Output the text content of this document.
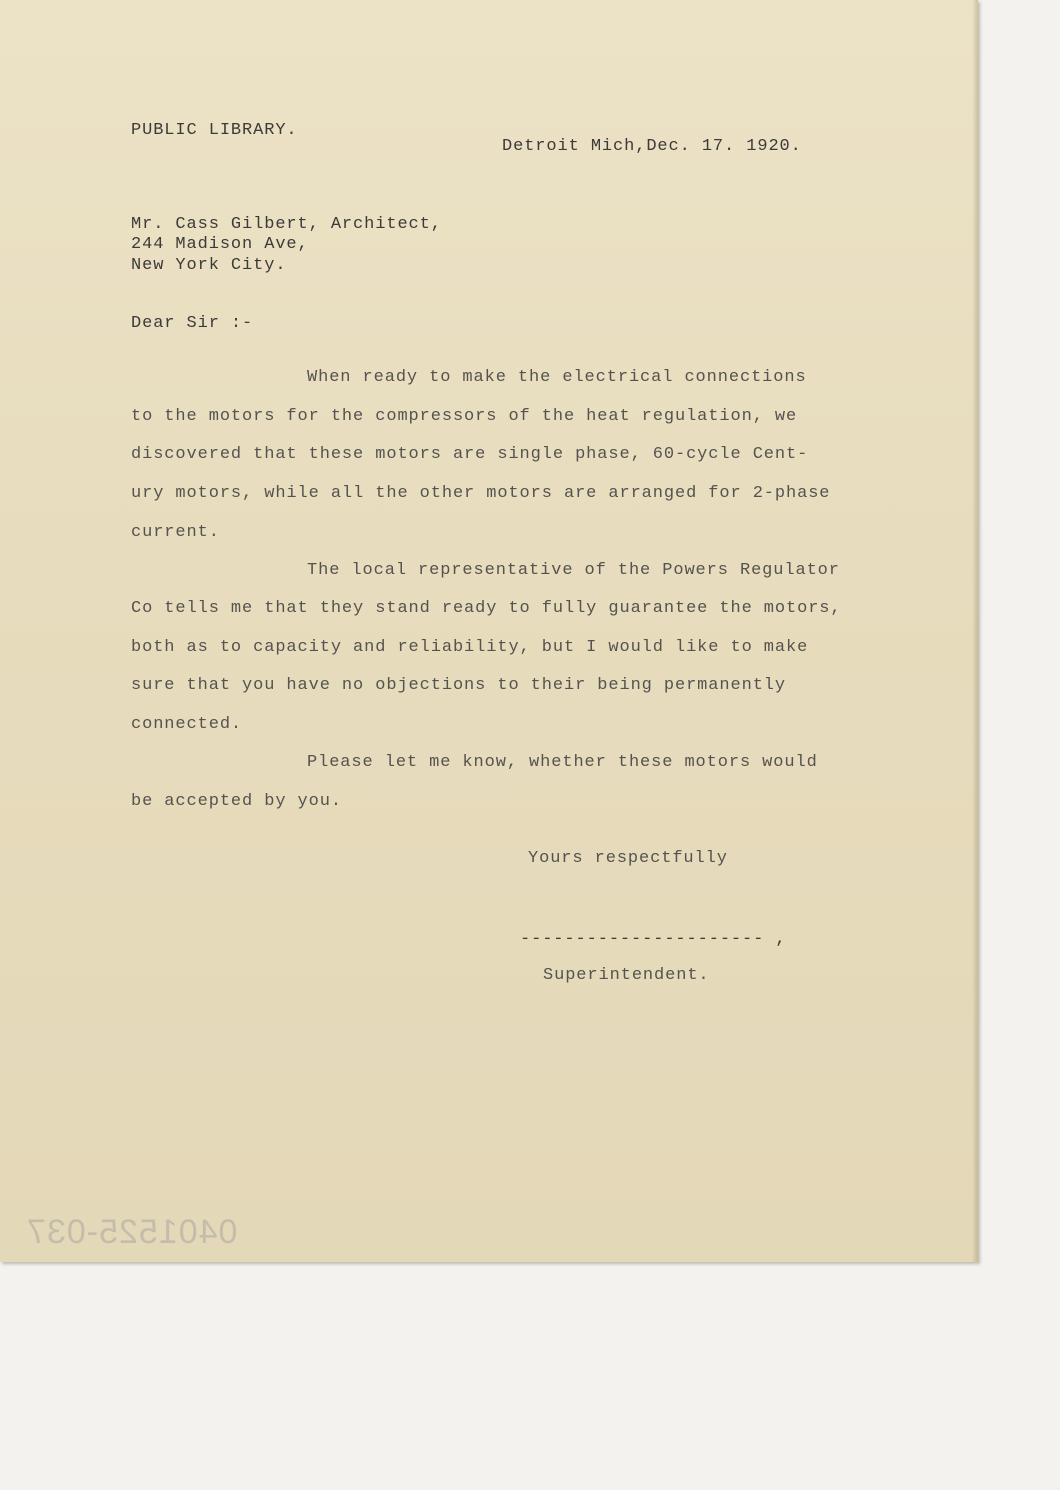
PUBLIC LIBRARY.
Detroit Mich,Dec. 17. 1920.
Mr. Cass Gilbert, Architect,
244 Madison Ave,
New York City.
Dear Sir :-
When ready to make the electrical connections
to the motors for the compressors of the heat regulation, we
discovered that these motors are single phase, 60-cycle Cent-
ury motors, while all the other motors are arranged for 2-phase
current.
The local representative of the Powers Regulator
Co tells me that they stand ready to fully guarantee the motors,
both as to capacity and reliability, but I would like to make
sure that you have no objections to their being permanently
connected.
Please let me know, whether these motors would
be accepted by you.
Yours respectfully
---------------------- ,
Superintendent.
0401525-037
